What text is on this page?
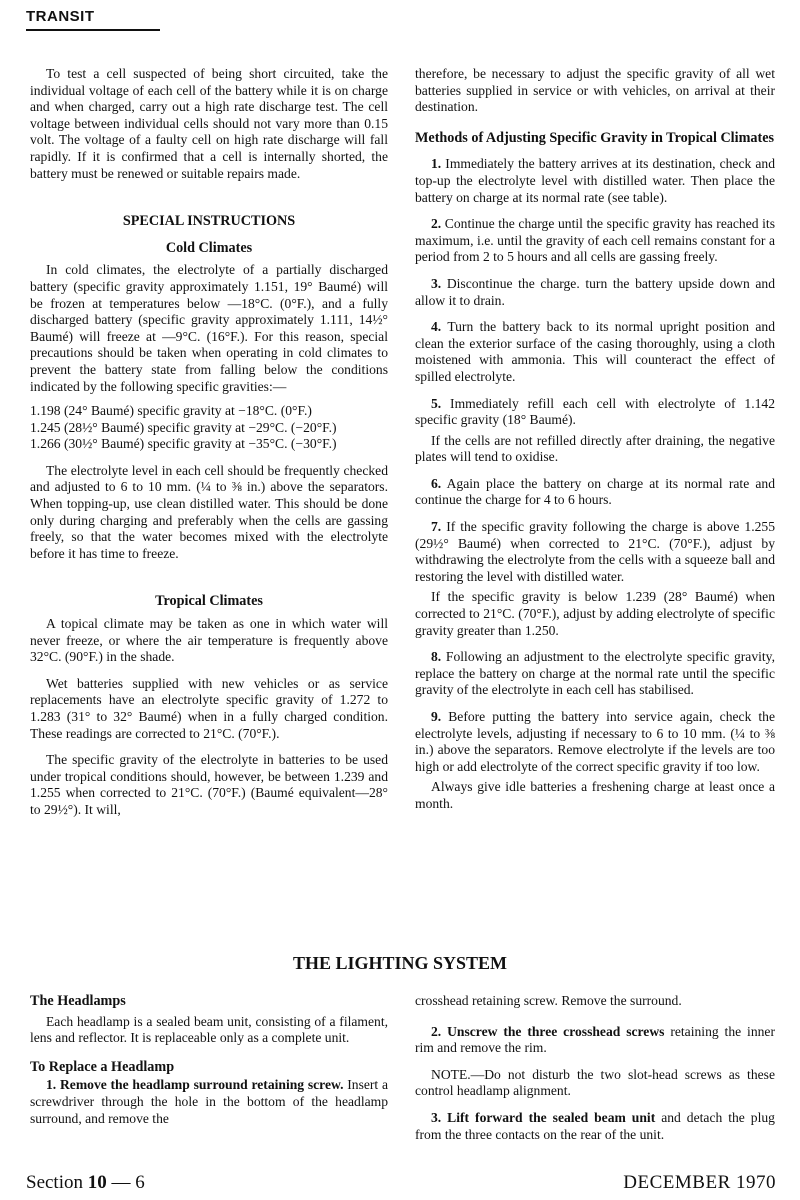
TRANSIT

To test a cell suspected of being short circuited, take the individual voltage of each cell of the battery while it is on charge and when charged, carry out a high rate discharge test. The cell voltage between individual cells should not vary more than 0.15 volt. The voltage of a faulty cell on high rate discharge will fall rapidly. If it is confirmed that a cell is internally shorted, the battery must be renewed or suitable repairs made.

SPECIAL INSTRUCTIONS
Cold Climates

In cold climates, the electrolyte of a partially discharged battery (specific gravity approximately 1.151, 19° Baumé) will be frozen at temperatures below —18°C. (0°F.), and a fully discharged battery (specific gravity approximately 1.111, 14½° Baumé) will freeze at —9°C. (16°F.). For this reason, special precautions should be taken when operating in cold climates to prevent the battery state from falling below the conditions indicated by the following specific gravities:—

1.198 (24° Baumé) specific gravity at −18°C. (0°F.)
1.245 (28½° Baumé) specific gravity at −29°C. (−20°F.)
1.266 (30½° Baumé) specific gravity at −35°C. (−30°F.)

The electrolyte level in each cell should be frequently checked and adjusted to 6 to 10 mm. (¼ to ⅜ in.) above the separators. When topping-up, use clean distilled water. This should be done only during charging and preferably when the cells are gassing freely, so that the water becomes mixed with the electrolyte before it has time to freeze.

Tropical Climates

A topical climate may be taken as one in which water will never freeze, or where the air temperature is frequently above 32°C. (90°F.) in the shade.

Wet batteries supplied with new vehicles or as service replacements have an electrolyte specific gravity of 1.272 to 1.283 (31° to 32° Baumé) when in a fully charged condition. These readings are corrected to 21°C. (70°F.).

The specific gravity of the electrolyte in batteries to be used under tropical conditions should, however, be between 1.239 and 1.255 when corrected to 21°C. (70°F.) (Baumé equivalent—28° to 29½°). It will,

therefore, be necessary to adjust the specific gravity of all wet batteries supplied in service or with vehicles, on arrival at their destination.

Methods of Adjusting Specific Gravity in Tropical Climates

1. Immediately the battery arrives at its destination, check and top-up the electrolyte level with distilled water. Then place the battery on charge at its normal rate (see table).

2. Continue the charge until the specific gravity has reached its maximum, i.e. until the gravity of each cell remains constant for a period from 2 to 5 hours and all cells are gassing freely.

3. Discontinue the charge. turn the battery upside down and allow it to drain.

4. Turn the battery back to its normal upright position and clean the exterior surface of the casing thoroughly, using a cloth moistened with ammonia. This will counteract the effect of spilled electrolyte.

5. Immediately refill each cell with electrolyte of 1.142 specific gravity (18° Baumé).

If the cells are not refilled directly after draining, the negative plates will tend to oxidise.

6. Again place the battery on charge at its normal rate and continue the charge for 4 to 6 hours.

7. If the specific gravity following the charge is above 1.255 (29½° Baumé) when corrected to 21°C. (70°F.), adjust by withdrawing the electrolyte from the cells with a squeeze ball and restoring the level with distilled water.

If the specific gravity is below 1.239 (28° Baumé) when corrected to 21°C. (70°F.), adjust by adding electrolyte of specific gravity greater than 1.250.

8. Following an adjustment to the electrolyte specific gravity, replace the battery on charge at the normal rate until the specific gravity of the electrolyte in each cell has stabilised.

9. Before putting the battery into service again, check the electrolyte levels, adjusting if necessary to 6 to 10 mm. (¼ to ⅜ in.) above the separators. Remove electrolyte if the levels are too high or add electrolyte of the correct specific gravity if too low.

Always give idle batteries a freshening charge at least once a month.

THE LIGHTING SYSTEM
The Headlamps

Each headlamp is a sealed beam unit, consisting of a filament, lens and reflector. It is replaceable only as a complete unit.

To Replace a Headlamp

1. Remove the headlamp surround retaining screw. Insert a screwdriver through the hole in the bottom of the headlamp surround, and remove the

crosshead retaining screw. Remove the surround.

2. Unscrew the three crosshead screws retaining the inner rim and remove the rim.

NOTE.—Do not disturb the two slot-head screws as these control headlamp alignment.

3. Lift forward the sealed beam unit and detach the plug from the three contacts on the rear of the unit.

Section 10 — 6	DECEMBER 1970
